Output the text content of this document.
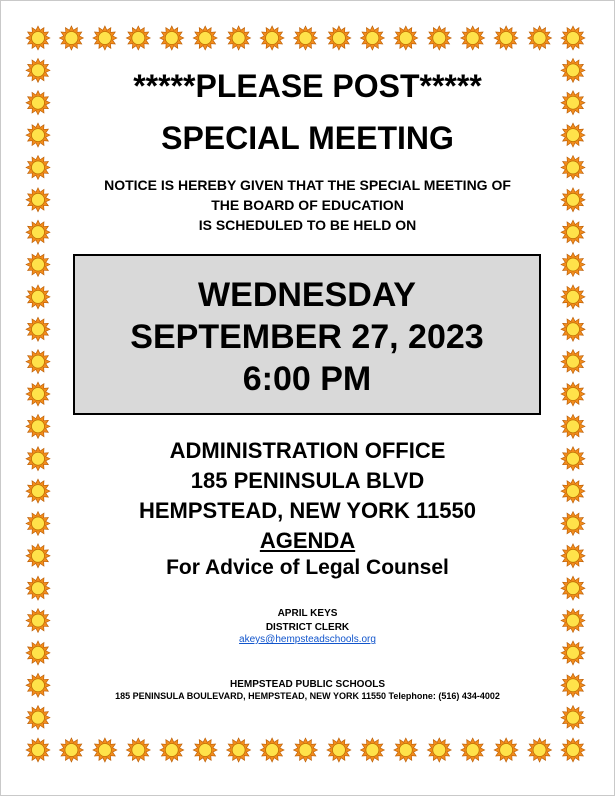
*****PLEASE POST*****
SPECIAL MEETING
NOTICE IS HEREBY GIVEN THAT THE SPECIAL MEETING OF
THE BOARD OF EDUCATION
IS SCHEDULED TO BE HELD ON
WEDNESDAY
SEPTEMBER 27, 2023
6:00 PM
ADMINISTRATION OFFICE
185 PENINSULA BLVD
HEMPSTEAD, NEW YORK 11550
AGENDA
For Advice of Legal Counsel
APRIL KEYS
DISTRICT CLERK
akeys@hempsteadschools.org
HEMPSTEAD PUBLIC SCHOOLS
185 PENINSULA BOULEVARD, HEMPSTEAD, NEW YORK 11550 Telephone: (516) 434-4002
